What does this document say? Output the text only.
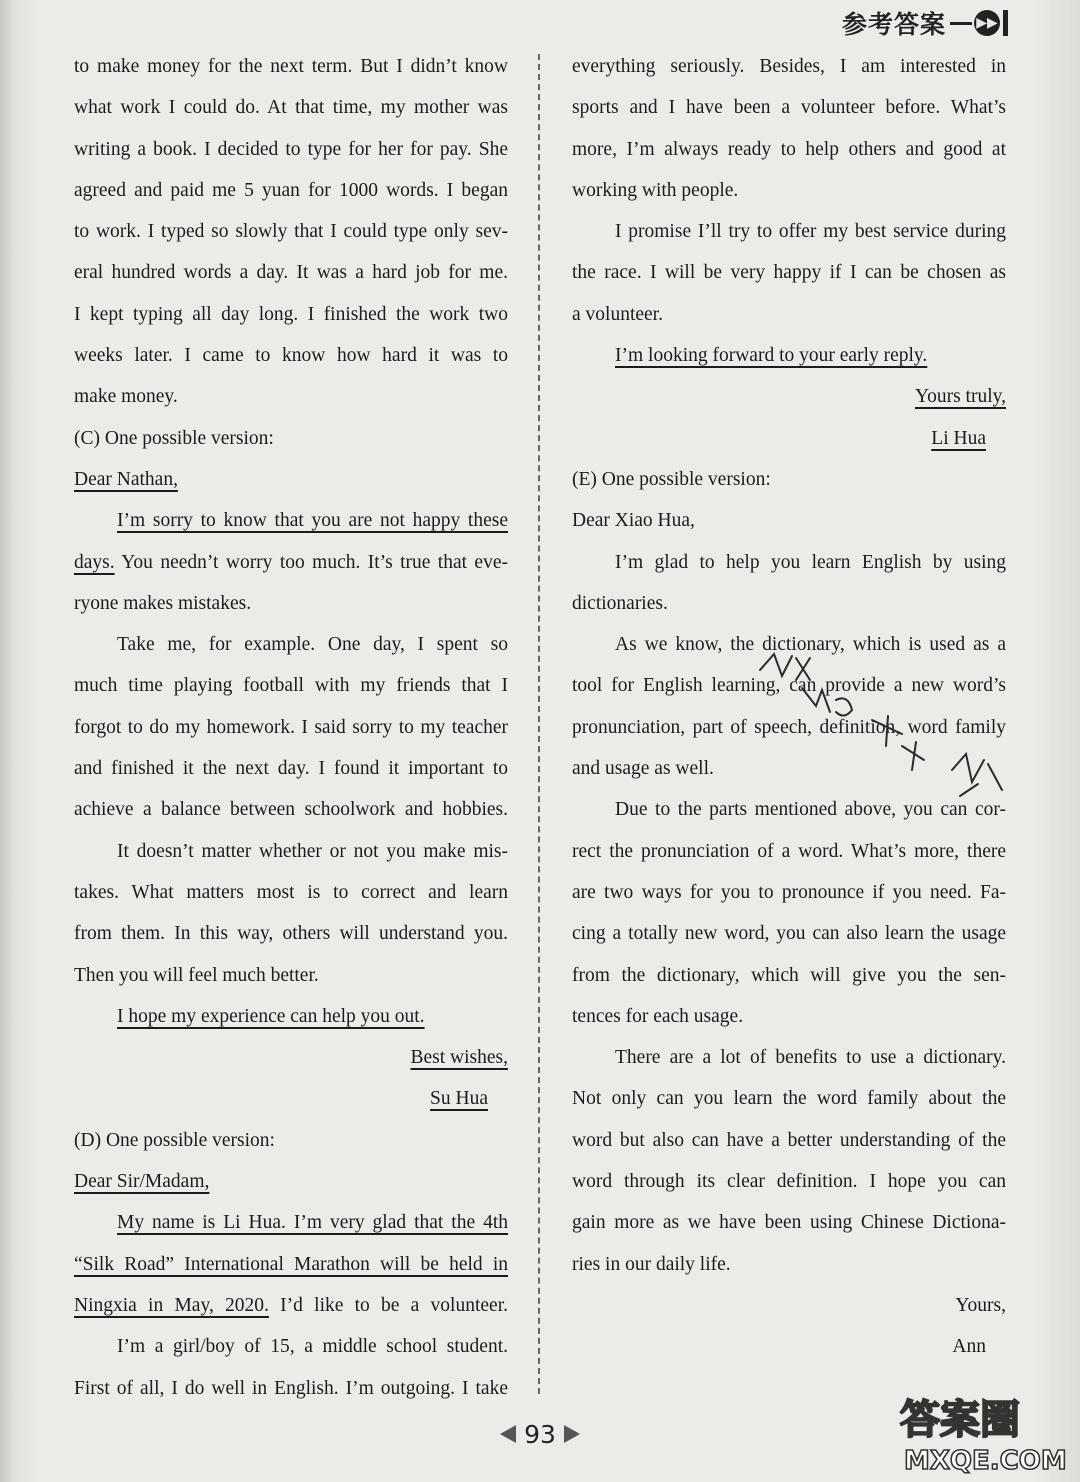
参考答案 ▶▶
to make money for the next term. But I didn’t know
what work I could do. At that time, my mother was
writing a book. I decided to type for her for pay. She
agreed and paid me 5 yuan for 1000 words. I began
to work. I typed so slowly that I could type only sev-
eral hundred words a day. It was a hard job for me.
I kept typing all day long. I finished the work two
weeks later. I came to know how hard it was to
make money.
(C) One possible version:
Dear Nathan,
I’m sorry to know that you are not happy these
days. You needn’t worry too much. It’s true that eve-
ryone makes mistakes.
Take me, for example. One day, I spent so
much time playing football with my friends that I
forgot to do my homework. I said sorry to my teacher
and finished it the next day. I found it important to
achieve a balance between schoolwork and hobbies.
It doesn’t matter whether or not you make mis-
takes. What matters most is to correct and learn
from them. In this way, others will understand you.
Then you will feel much better.
I hope my experience can help you out.
Best wishes,
Su Hua
(D) One possible version:
Dear Sir/Madam,
My name is Li Hua. I’m very glad that the 4th
“Silk Road” International Marathon will be held in
Ningxia in May, 2020. I’d like to be a volunteer.
I’m a girl/boy of 15, a middle school student.
First of all, I do well in English. I’m outgoing. I take
everything seriously. Besides, I am interested in
sports and I have been a volunteer before. What’s
more, I’m always ready to help others and good at
working with people.
I promise I’ll try to offer my best service during
the race. I will be very happy if I can be chosen as
a volunteer.
I’m looking forward to your early reply.
Yours truly,
Li Hua
(E) One possible version:
Dear Xiao Hua,
I’m glad to help you learn English by using
dictionaries.
As we know, the dictionary, which is used as a
tool for English learning, can provide a new word’s
pronunciation, part of speech, definition, word family
and usage as well.
Due to the parts mentioned above, you can cor-
rect the pronunciation of a word. What’s more, there
are two ways for you to pronounce if you need. Fa-
cing a totally new word, you can also learn the usage
from the dictionary, which will give you the sen-
tences for each usage.
There are a lot of benefits to use a dictionary.
Not only can you learn the word family about the
word but also can have a better understanding of the
word through its clear definition. I hope you can
gain more as we have been using Chinese Dictiona-
ries in our daily life.
Yours,
Ann
93	答案圈
MXQE.COM
